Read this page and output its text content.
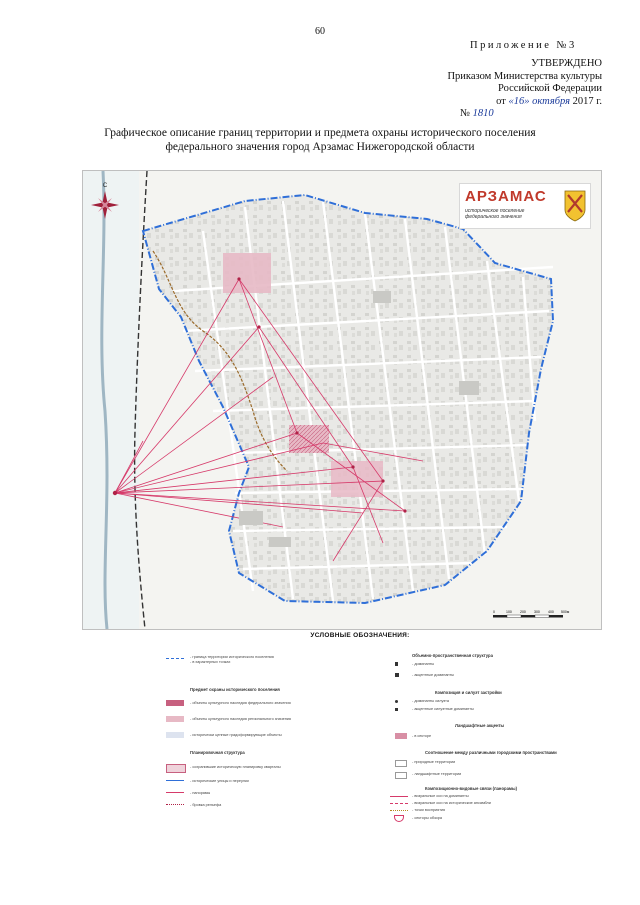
60
Приложение №3
УТВЕРЖДЕНО
Приказом Министерства культуры
Российской Федерации
от «16» октября 2017 г.
№ 1810
Графическое описание границ территории и предмета охраны исторического поселения
федерального значения город Арзамас Нижегородской области
С
0	100 200 300 400 500м
АРЗАМАС
историческое поселение
федерального значения
УСЛОВНЫЕ ОБОЗНАЧЕНИЯ:
- граница территории исторического поселения
- в характерных точках
Предмет охраны исторического поселения
- объекты культурного наследия федерального значения
- объекты культурного наследия регионального значения
- исторически ценные градоформирующие объекты
Планировочная структура
- сохранившие историческую планировку кварталы
- исторические улицы и переулки
- панорамы
- бровка рельефа
Объемно-пространственная структура
- доминанты
- акцентные доминанты
Композиция и силуэт застройки
- доминанты силуэта
- акцентные силуэтные доминанты
Ландшафтные акценты
- в секторе
Соотношение между различными городскими пространствами
- природные территории
- ландшафтные территории
Композиционно-видовые связи (панорамы)
- визуальные оси на доминанты
- визуальные оси на исторические ансамбли
- точки восприятия
- секторы обзора
